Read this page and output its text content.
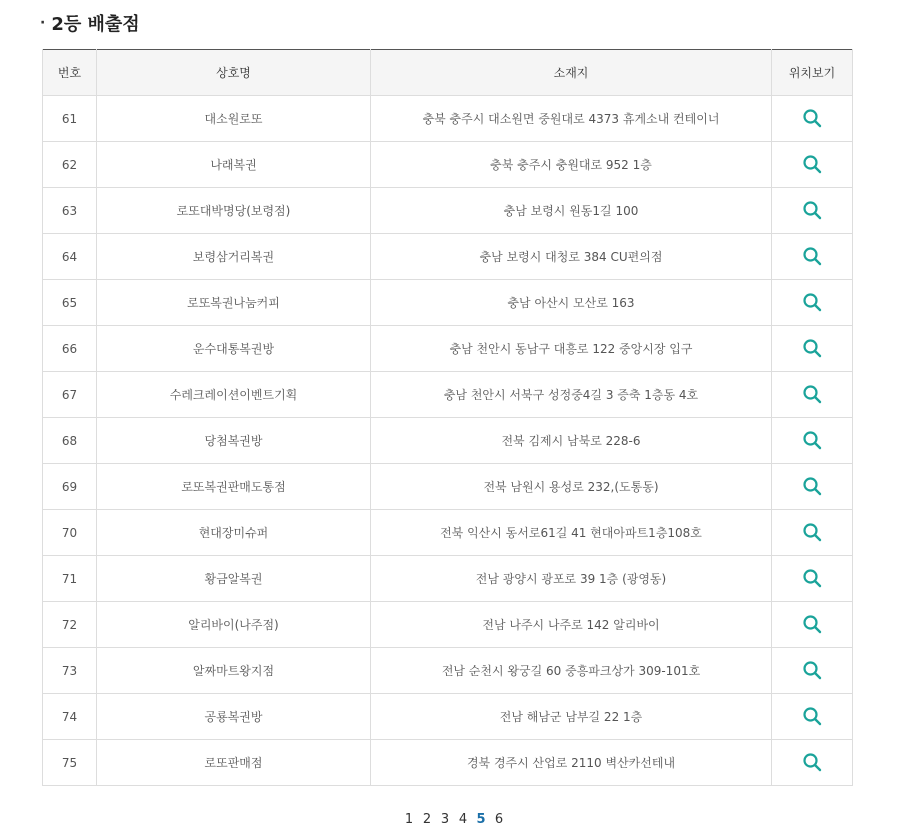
· 2등 배출점
번호	상호명	소재지	위치보기
61	대소원로또	충북 충주시 대소원면 중원대로 4373 휴게소내 컨테이너	

62	나래복권	충북 충주시 충원대로 952 1층	

63	로또대박명당(보령점)	충남 보령시 원동1길 100	

64	보령삼거리복권	충남 보령시 대청로 384 CU편의점	

65	로또복권나눔커피	충남 아산시 모산로 163	

66	운수대통복권방	충남 천안시 동남구 대흥로 122 중앙시장 입구	

67	수레크레이션이벤트기획	충남 천안시 서북구 성정중4길 3 증축 1층동 4호	

68	당첨복권방	전북 김제시 남북로 228-6	

69	로또복권판매도통점	전북 남원시 용성로 232,(도통동)	

70	현대장미슈퍼	전북 익산시 동서로61길 41 현대아파트1층108호	

71	황금알복권	전남 광양시 광포로 39 1층 (광영동)	

72	알리바이(나주점)	전남 나주시 나주로 142 알리바이	

73	알짜마트왕지점	전남 순천시 왕궁길 60 중흥파크상가 309-101호	

74	공룡복권방	전남 해남군 남부길 22 1층	

75	로또판매점	경북 경주시 산업로 2110 벽산카선테내	
1 2 3 4 5 6
